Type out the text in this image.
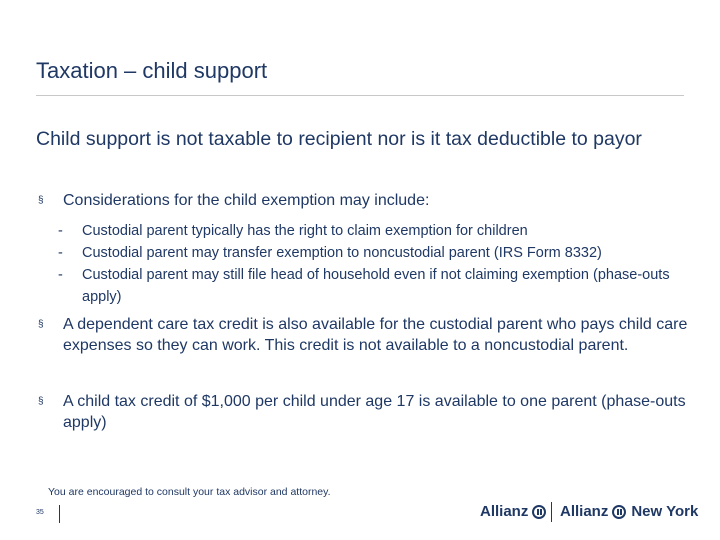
Taxation – child support
Child support is not taxable to recipient nor is it tax deductible to payor
§	Considerations for the child exemption may include:
- Custodial parent typically has the right to claim exemption for children
- Custodial parent may transfer exemption to noncustodial parent (IRS Form 8332)
- Custodial parent may still file head of household even if not claiming exemption (phase-outs apply)
§	A dependent care tax credit is also available for the custodial parent who pays child care expenses so they can work. This credit is not available to a noncustodial parent.
§	A child tax credit of $1,000 per child under age 17 is available to one parent (phase-outs apply)
You are encouraged to consult your tax advisor and attorney.
35	Allianz Allianz New York
